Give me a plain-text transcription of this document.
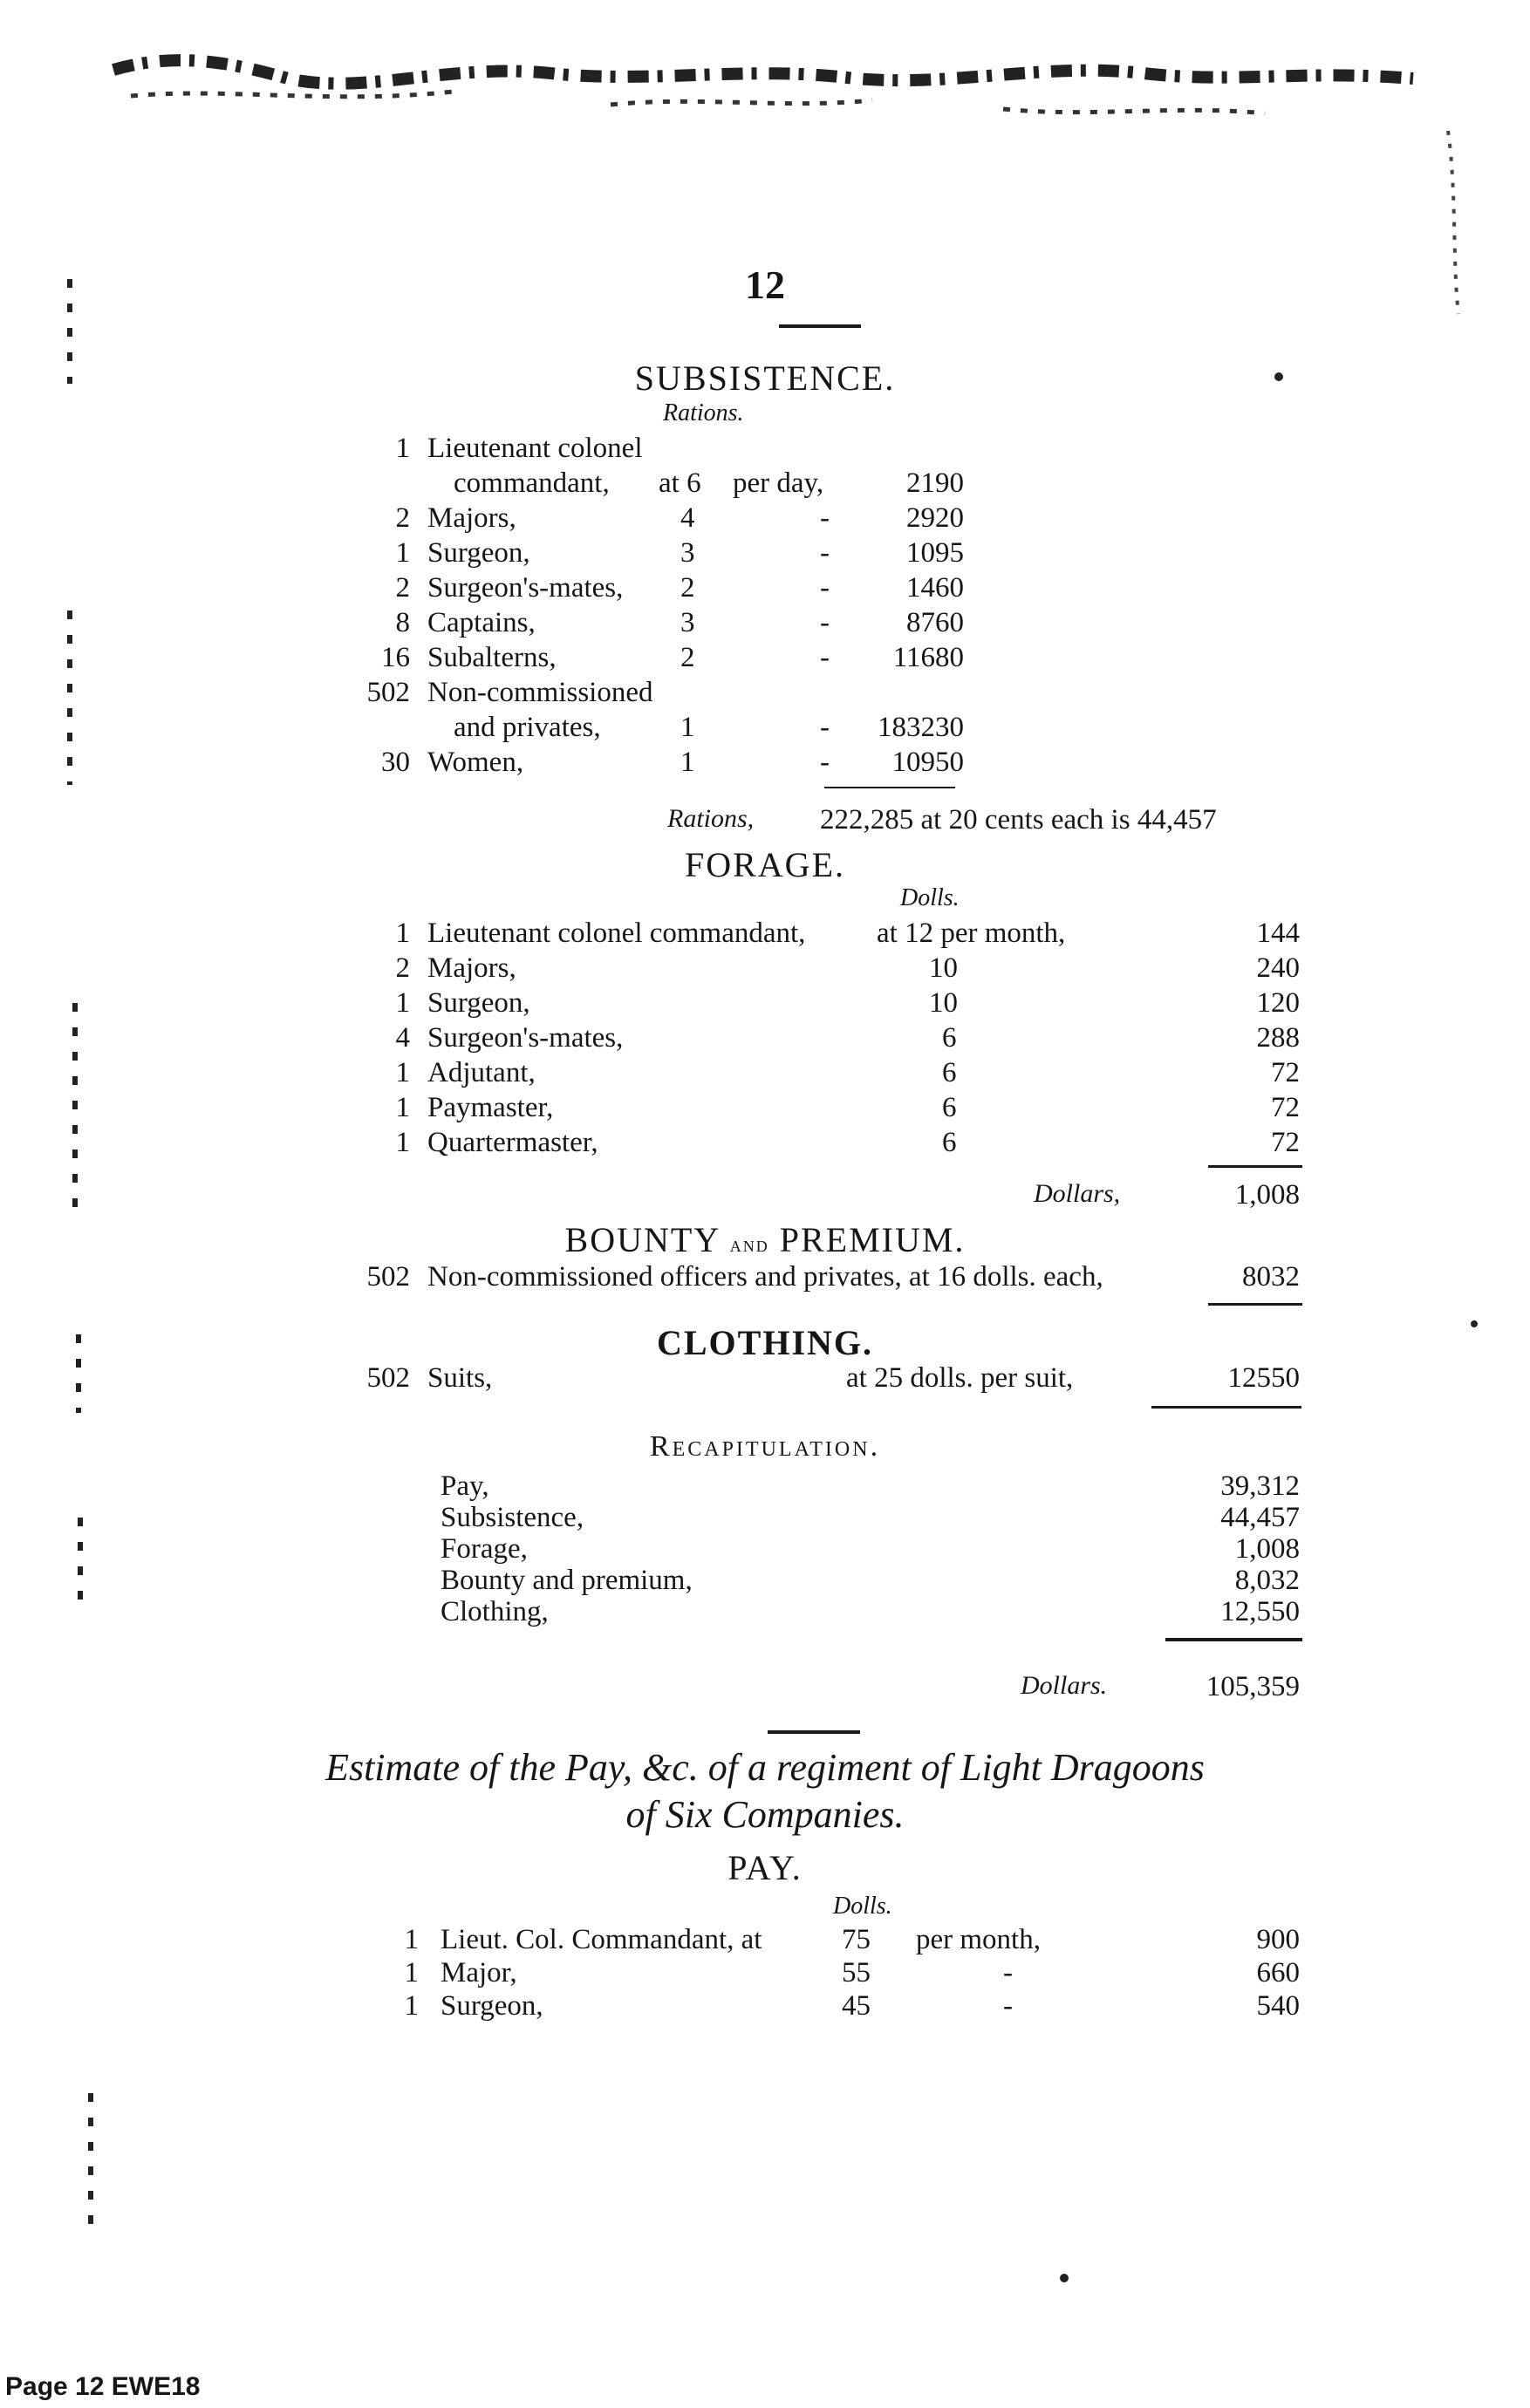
12
SUBSISTENCE.
Rations.
1 Lieutenant colonel
commandant, at 6 per day,	2190
2 Majors,	4	-	2920
1 Surgeon,	3	-	1095
2 Surgeon's-mates, 2	-	1460
8 Captains,	3	-	8760
16 Subalterns,	2	-	11680
502 Non-commissioned
and privates,	1	-	183230
30 Women,	1	-	10950
Rations, 222,285 at 20 cents each is 44,457
FORAGE.
Dolls.
1 Lieutenant colonel commandant, at 12 per month,	144
2 Majors,	10	240
1 Surgeon,	10	120
4 Surgeon's-mates,	6	288
1 Adjutant,	6	72
1 Paymaster,	6	72
1 Quartermaster,	6	72
Dollars,	1,008
BOUNTY and PREMIUM.
502 Non-commissioned officers and privates, at 16 dolls. each,	8032
CLOTHING.
502 Suits,	at 25 dolls. per suit,	12550
Recapitulation.
Pay,	39,312
Subsistence,	44,457
Forage,	1,008
Bounty and premium,	8,032
Clothing,	12,550
Dollars.	105,359
Estimate of the Pay, &c. of a regiment of Light Dragoons
of Six Companies.
PAY.
Dolls.
1 Lieut. Col. Commandant, at	75 per month,	900
1 Major,	55	-	660
1 Surgeon,	45	-	540
Page 12 EWE18
